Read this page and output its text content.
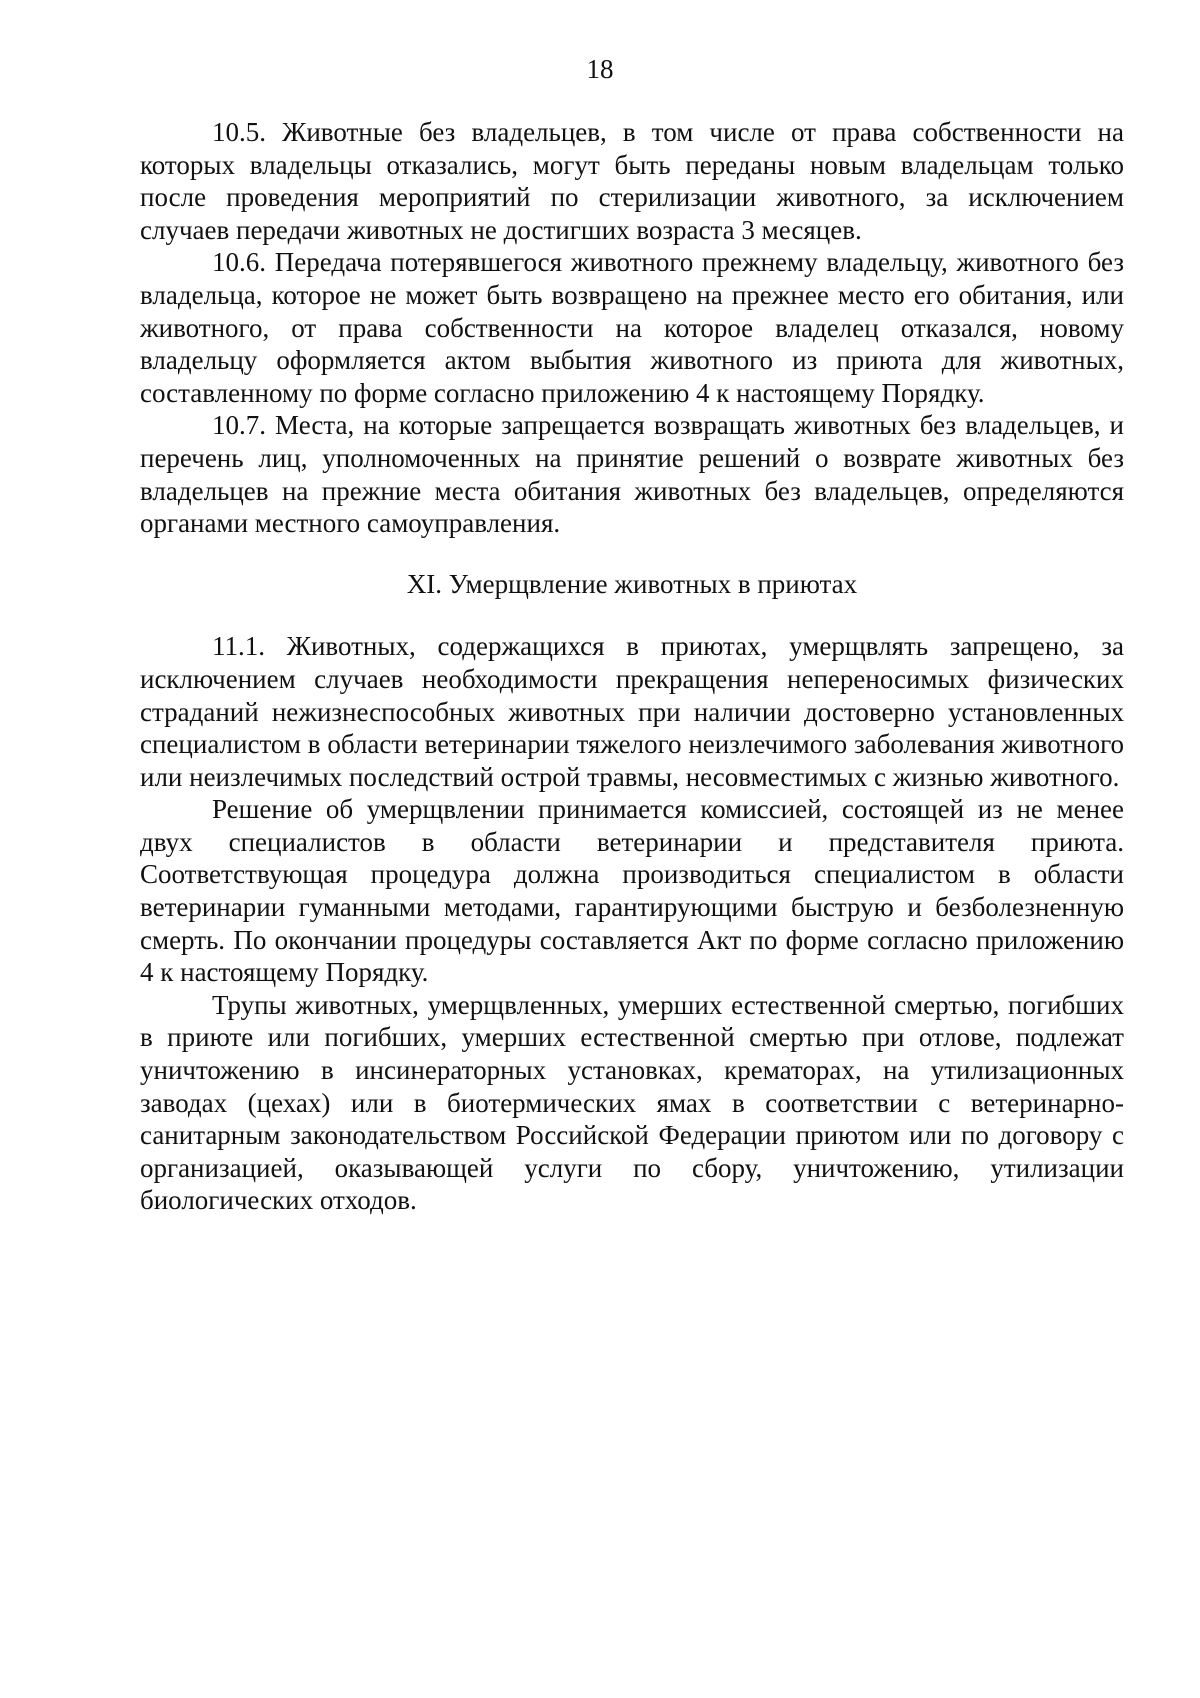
18

10.5. Животные без владельцев, в том числе от права собственности на которых владельцы отказались, могут быть переданы новым владельцам только после проведения мероприятий по стерилизации животного, за исключением случаев передачи животных не достигших возраста 3 месяцев.

10.6. Передача потерявшегося животного прежнему владельцу, животного без владельца, которое не может быть возвращено на прежнее место его обитания, или животного, от права собственности на которое владелец отказался, новому владельцу оформляется актом выбытия животного из приюта для животных, составленному по форме согласно приложению 4 к настоящему Порядку.

10.7. Места, на которые запрещается возвращать животных без владельцев, и перечень лиц, уполномоченных на принятие решений о возврате животных без владельцев на прежние места обитания животных без владельцев, определяются органами местного самоуправления.

XI. Умерщвление животных в приютах

11.1. Животных, содержащихся в приютах, умерщвлять запрещено, за исключением случаев необходимости прекращения непереносимых физических страданий нежизнеспособных животных при наличии достоверно установленных специалистом в области ветеринарии тяжелого неизлечимого заболевания животного или неизлечимых последствий острой травмы, несовместимых с жизнью животного.

Решение об умерщвлении принимается комиссией, состоящей из не менее двух специалистов в области ветеринарии и представителя приюта. Соответствующая процедура должна производиться специалистом в области ветеринарии гуманными методами, гарантирующими быструю и безболезненную смерть. По окончании процедуры составляется Акт по форме согласно приложению 4 к настоящему Порядку.

Трупы животных, умерщвленных, умерших естественной смертью, погибших в приюте или погибших, умерших естественной смертью при отлове, подлежат уничтожению в инсинераторных установках, крематорах, на утилизационных заводах (цехах) или в биотермических ямах в соответствии с ветеринарно-санитарным законодательством Российской Федерации приютом или по договору с организацией, оказывающей услуги по сбору, уничтожению, утилизации биологических отходов.
